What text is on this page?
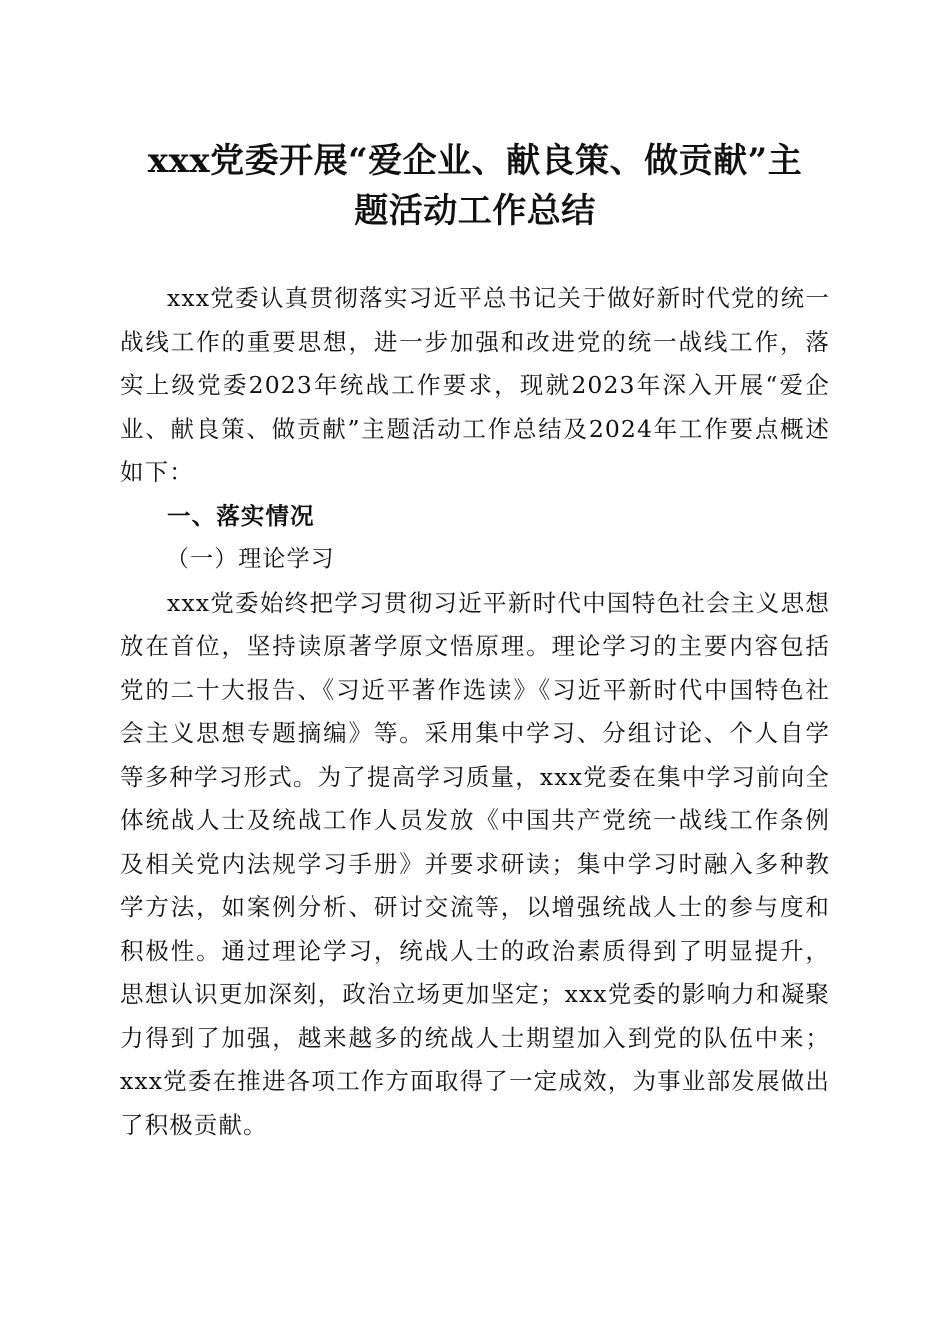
xxx党委开展“爱企业、献良策、做贡献”主
题活动工作总结

xxx党委认真贯彻落实习近平总书记关于做好新时代党的统一战线工作的重要思想，进一步加强和改进党的统一战线工作，落实上级党委2023年统战工作要求，现就2023年深入开展“爱企业、献良策、做贡献”主题活动工作总结及2024年工作要点概述如下：

一、落实情况

（一）理论学习

xxx党委始终把学习贯彻习近平新时代中国特色社会主义思想放在首位，坚持读原著学原文悟原理。理论学习的主要内容包括党的二十大报告、《习近平著作选读》《习近平新时代中国特色社会主义思想专题摘编》等。采用集中学习、分组讨论、个人自学等多种学习形式。为了提高学习质量，xxx党委在集中学习前向全体统战人士及统战工作人员发放《中国共产党统一战线工作条例及相关党内法规学习手册》并要求研读；集中学习时融入多种教学方法，如案例分析、研讨交流等，以增强统战人士的参与度和积极性。通过理论学习，统战人士的政治素质得到了明显提升，思想认识更加深刻，政治立场更加坚定；xxx党委的影响力和凝聚力得到了加强，越来越多的统战人士期望加入到党的队伍中来；xxx党委在推进各项工作方面取得了一定成效，为事业部发展做出了积极贡献。
